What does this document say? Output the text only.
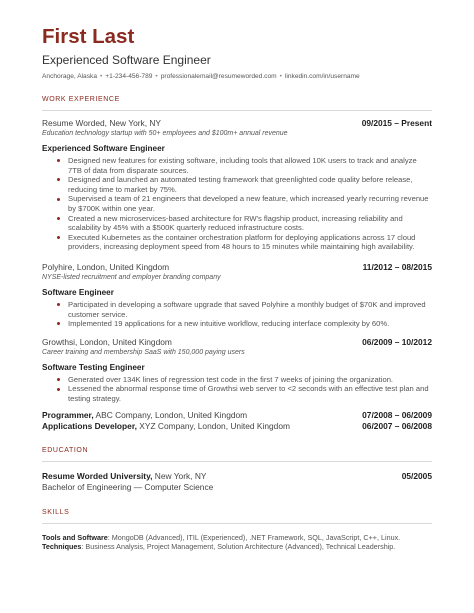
First Last
Experienced Software Engineer
Anchorage, Alaska • +1-234-456-789 • professionalemail@resumeworded.com • linkedin.com/in/username
WORK EXPERIENCE
Resume Worded, New York, NY	09/2015 – Present
Education technology startup with 50+ employees and $100m+ annual revenue
Experienced Software Engineer
Designed new features for existing software, including tools that allowed 10K users to track and analyze 7TB of data from disparate sources.
Designed and launched an automated testing framework that greenlighted code quality before release, reducing time to market by 75%.
Supervised a team of 21 engineers that developed a new feature, which increased yearly recurring revenue by $700K within one year.
Created a new microservices-based architecture for RW's flagship product, increasing reliability and scalability by 45% with a $500K quarterly reduced infrastructure costs.
Executed Kubernetes as the container orchestration platform for deploying applications across 17 cloud providers, increasing deployment speed from 48 hours to 15 minutes while maintaining high availability.
Polyhire, London, United Kingdom	11/2012 – 08/2015
NYSE-listed recruitment and employer branding company
Software Engineer
Participated in developing a software upgrade that saved Polyhire a monthly budget of $70K and improved customer service.
Implemented 19 applications for a new intuitive workflow, reducing interface complexity by 60%.
Growthsi, London, United Kingdom	06/2009 – 10/2012
Career training and membership SaaS with 150,000 paying users
Software Testing Engineer
Generated over 134K lines of regression test code in the first 7 weeks of joining the organization.
Lessened the abnormal response time of Growthsi web server to <2 seconds with an effective test plan and testing strategy.
Programmer, ABC Company, London, United Kingdom	07/2008 – 06/2009
Applications Developer, XYZ Company, London, United Kingdom	06/2007 – 06/2008
EDUCATION
Resume Worded University, New York, NY	05/2005
Bachelor of Engineering — Computer Science
SKILLS
Tools and Software: MongoDB (Advanced), ITIL (Experienced), .NET Framework, SQL, JavaScript, C++, Linux.
Techniques: Business Analysis, Project Management, Solution Architecture (Advanced), Technical Leadership.
